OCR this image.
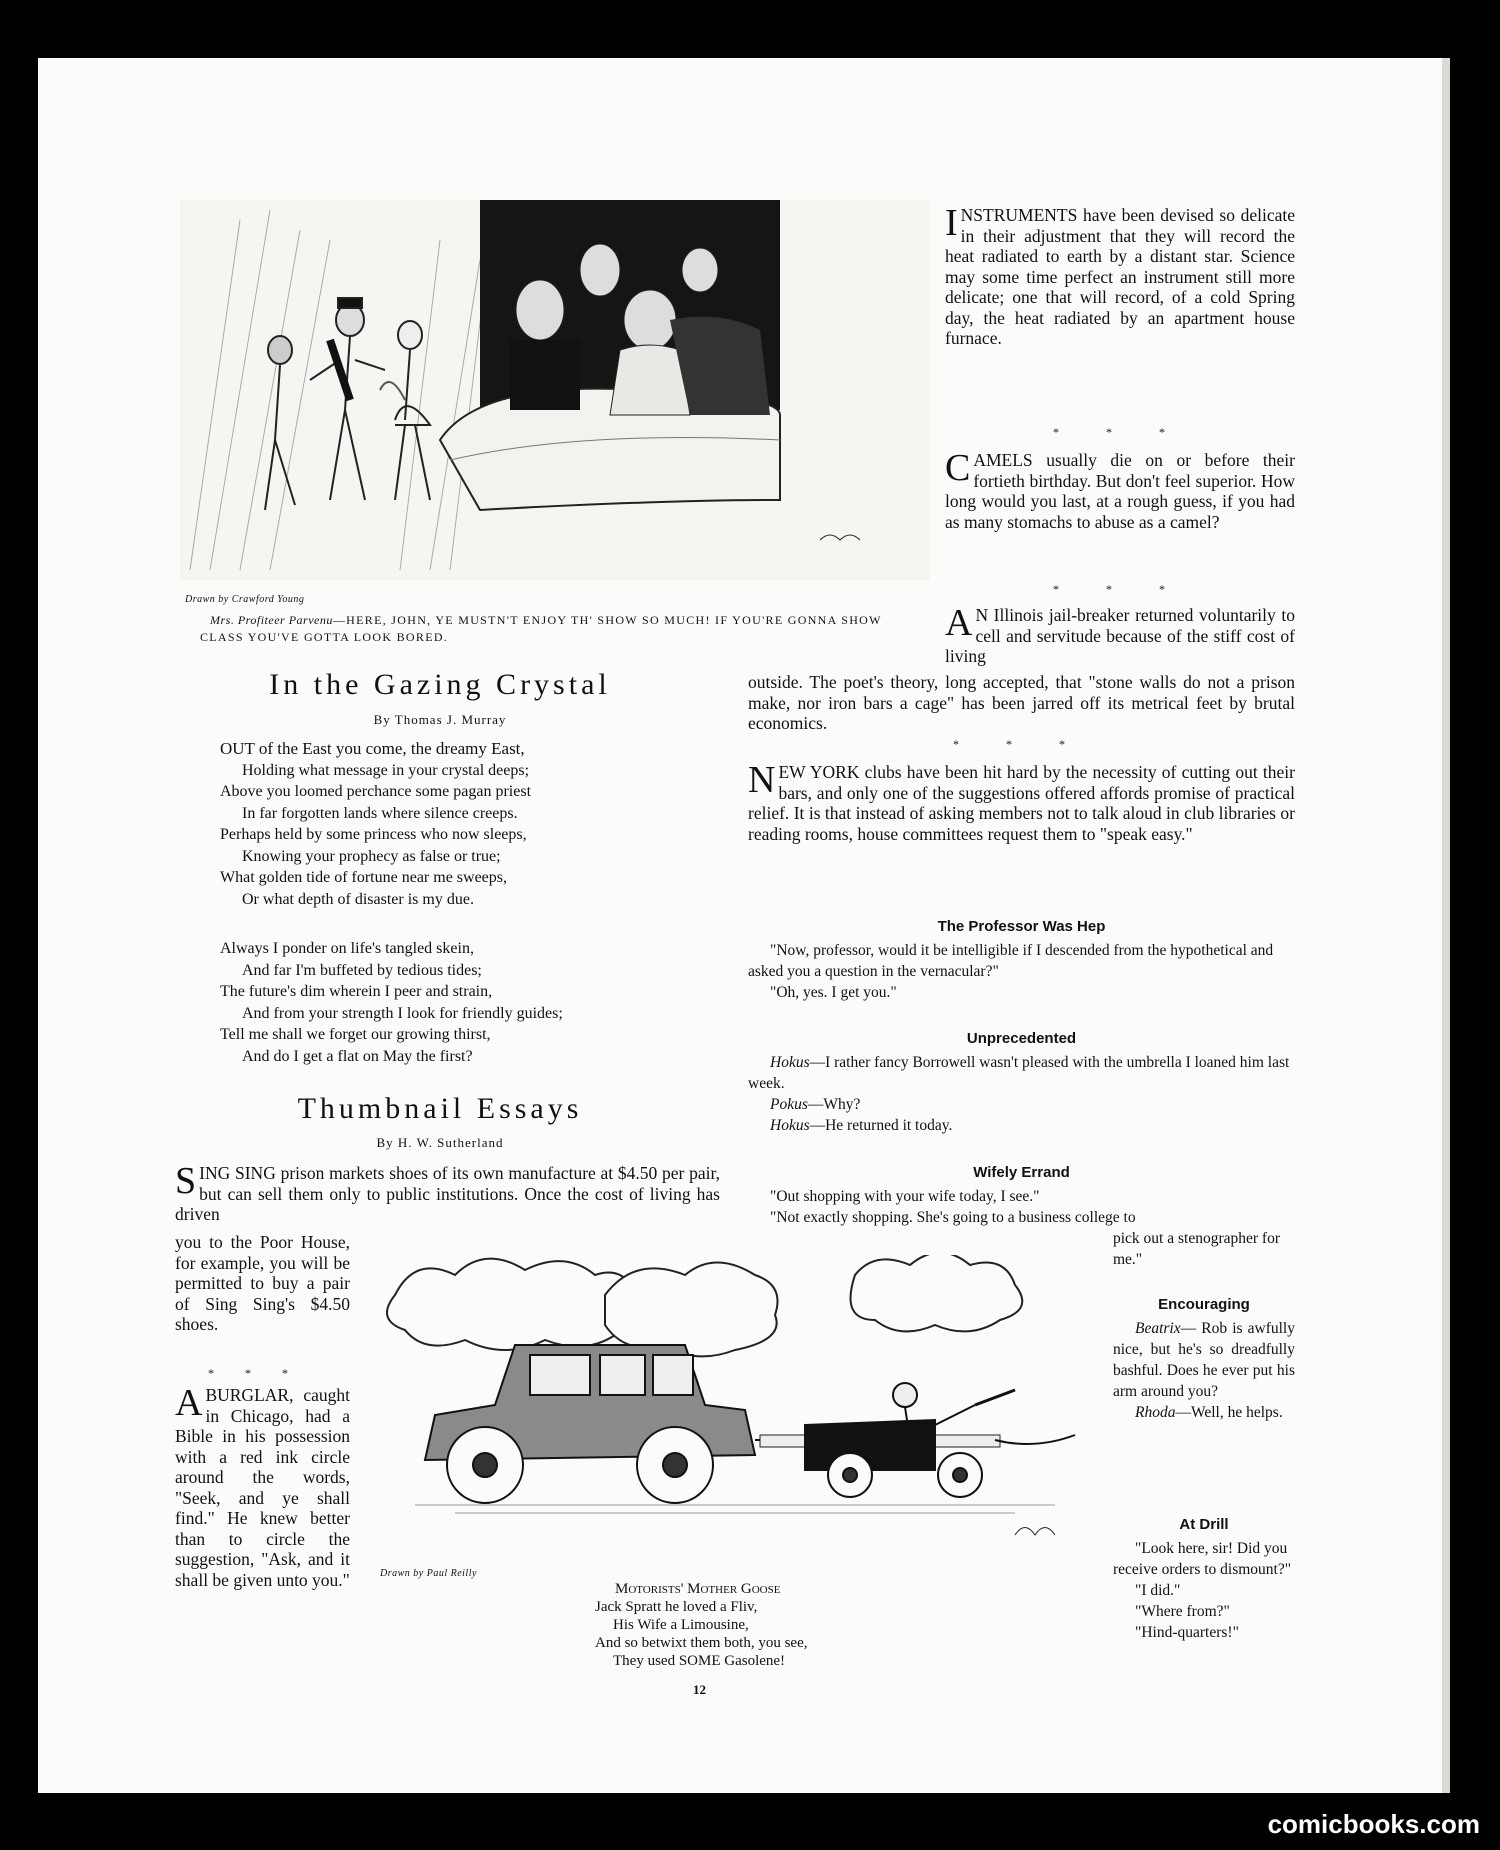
Drawn by Crawford Young
Mrs. Profiteer Parvenu—HERE, JOHN, YE MUSTN'T ENJOY TH' SHOW SO MUCH! IF YOU'RE GONNA SHOW CLASS YOU'VE GOTTA LOOK BORED.
INSTRUMENTS have been devised so delicate in their adjustment that they will record the heat radiated to earth by a distant star. Science may some time perfect an instrument still more delicate; one that will record, of a cold Spring day, the heat radiated by an apartment house furnace.
* * *
CAMELS usually die on or before their fortieth birthday. But don't feel superior. How long would you last, at a rough guess, if you had as many stomachs to abuse as a camel?
* * *
A N Illinois jail-breaker returned voluntarily to cell and servitude because of the stiff cost of living
outside. The poet's theory, long accepted, that "stone walls do not a prison make, nor iron bars a cage" has been jarred off its metrical feet by brutal economics.
* * *
NEW YORK clubs have been hit hard by the necessity of cutting out their bars, and only one of the suggestions offered affords promise of practical relief. It is that instead of asking members not to talk aloud in club libraries or reading rooms, house committees request them to "speak easy."
In the Gazing Crystal
By Thomas J. Murray
OUT of the East you come, the dreamy East,
Holding what message in your crystal deeps;
Above you loomed perchance some pagan priest
In far forgotten lands where silence creeps.
Perhaps held by some princess who now sleeps,
Knowing your prophecy as false or true;
What golden tide of fortune near me sweeps,
Or what depth of disaster is my due.
Always I ponder on life's tangled skein,
And far I'm buffeted by tedious tides;
The future's dim wherein I peer and strain,
And from your strength I look for friendly guides;
Tell me shall we forget our growing thirst,
And do I get a flat on May the first?
Thumbnail Essays
By H. W. Sutherland
SING SING prison markets shoes of its own manufacture at $4.50 per pair, but can sell them only to public institutions. Once the cost of living has driven
you to the Poor House, for example, you will be permitted to buy a pair of Sing Sing's $4.50 shoes.
* * *
ABURGLAR, caught in Chicago, had a Bible in his possession with a red ink circle around the words, "Seek, and ye shall find." He knew better than to circle the suggestion, "Ask, and it shall be given unto you."	Drawn by Paul Reilly
Motorists' Mother Goose
Jack Spratt he loved a Fliv,
His Wife a Limousine,
And so betwixt them both, you see,
They used SOME Gasolene!
The Professor Was Hep

"Now, professor, would it be intelligible if I descended from the hypothetical and asked you a question in the vernacular?"

"Oh, yes. I get you."

Unprecedented

Hokus—I rather fancy Borrowell wasn't pleased with the umbrella I loaned him last week.

Pokus—Why?

Hokus—He returned it today.

Wifely Errand

"Out shopping with your wife today, I see."

"Not exactly shopping. She's going to a business college to

pick out a stenographer for me."
Encouraging

Beatrix— Rob is awfully nice, but he's so dreadfully bashful. Does he ever put his arm around you?

Rhoda—Well, he helps.

At Drill

"Look here, sir! Did you receive orders to dismount?"

"I did."

"Where from?"

"Hind-quarters!"

12
comicbooks.com
